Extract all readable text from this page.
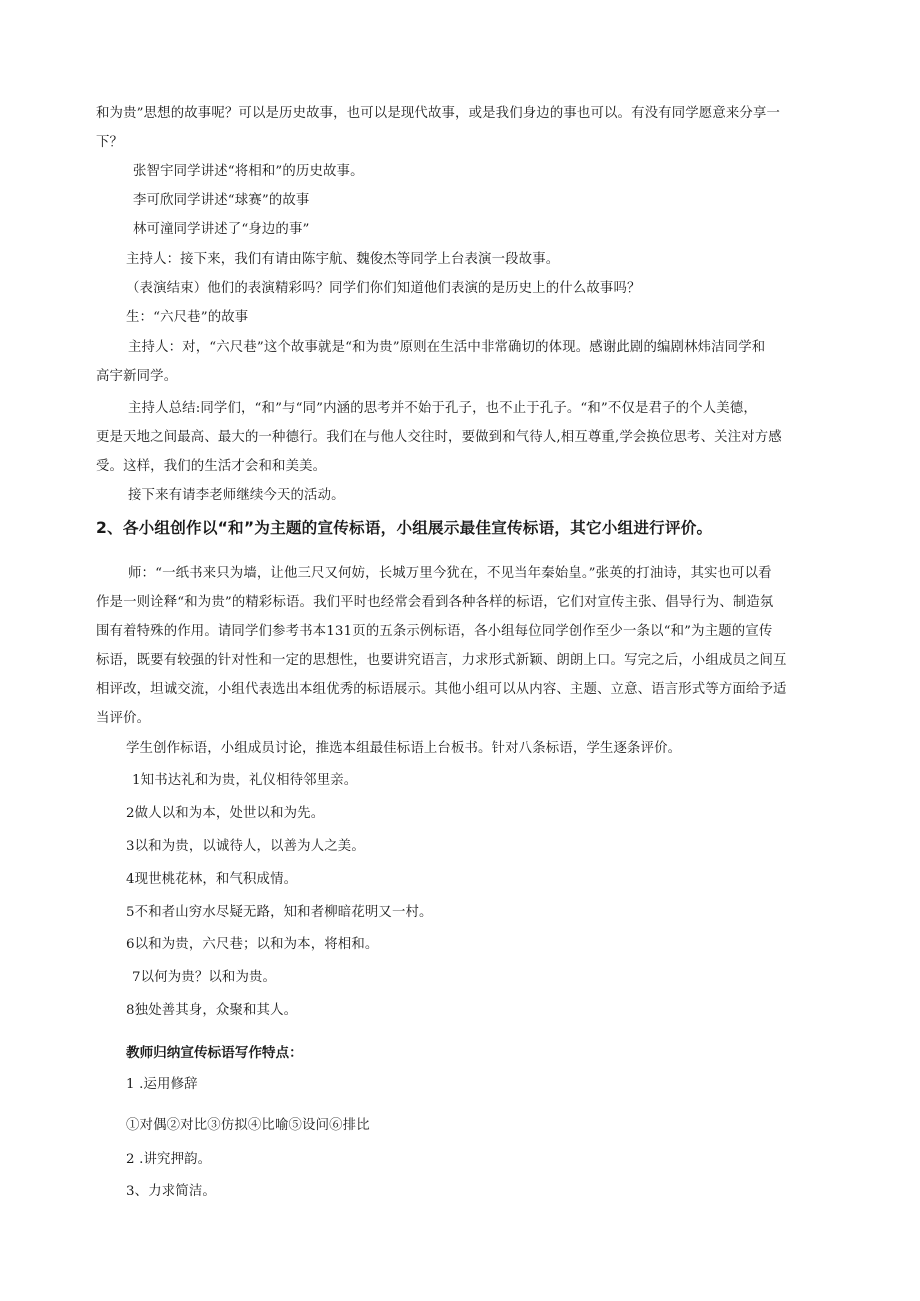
和为贵”思想的故事呢？可以是历史故事，也可以是现代故事，或是我们身边的事也可以。有没有同学愿意来分享一

下？

张智宇同学讲述“将相和”的历史故事。

李可欣同学讲述“球赛”的故事

林可潼同学讲述了“身边的事”

主持人：接下来，我们有请由陈宇航、魏俊杰等同学上台表演一段故事。

（表演结束）他们的表演精彩吗？同学们你们知道他们表演的是历史上的什么故事吗？

生：“六尺巷”的故事

主持人：对，“六尺巷”这个故事就是“和为贵”原则在生活中非常确切的体现。感谢此剧的编剧林炜洁同学和

高宇新同学。

主持人总结:同学们，“和”与“同”内涵的思考并不始于孔子，也不止于孔子。“和”不仅是君子的个人美德，

更是天地之间最高、最大的一种德行。我们在与他人交往时，要做到和气待人,相互尊重,学会换位思考、关注对方感

受。这样，我们的生活才会和和美美。

接下来有请李老师继续今天的活动。

2、各小组创作以“和”为主题的宣传标语，小组展示最佳宣传标语，其它小组进行评价。

师：“一纸书来只为墙，让他三尺又何妨，长城万里今犹在，不见当年秦始皇。”张英的打油诗，其实也可以看

作是一则诠释“和为贵”的精彩标语。我们平时也经常会看到各种各样的标语，它们对宣传主张、倡导行为、制造氛

围有着特殊的作用。请同学们参考书本131页的五条示例标语，各小组每位同学创作至少一条以“和”为主题的宣传

标语，既要有较强的针对性和一定的思想性，也要讲究语言，力求形式新颖、朗朗上口。写完之后，小组成员之间互

相评改，坦诚交流，小组代表选出本组优秀的标语展示。其他小组可以从内容、主题、立意、语言形式等方面给予适

当评价。

学生创作标语，小组成员讨论，推选本组最佳标语上台板书。针对八条标语，学生逐条评价。

1知书达礼和为贵，礼仪相待邻里亲。

2做人以和为本，处世以和为先。

3以和为贵，以诚待人，以善为人之美。

4现世桃花林，和气积成情。

5不和者山穷水尽疑无路，知和者柳暗花明又一村。

6以和为贵，六尺巷；以和为本，将相和。

7以何为贵？以和为贵。

8独处善其身，众聚和其人。

教师归纳宣传标语写作特点：

1 .运用修辞

①对偶②对比③仿拟④比喻⑤设问⑥排比

2 .讲究押韵。

3、力求简洁。
